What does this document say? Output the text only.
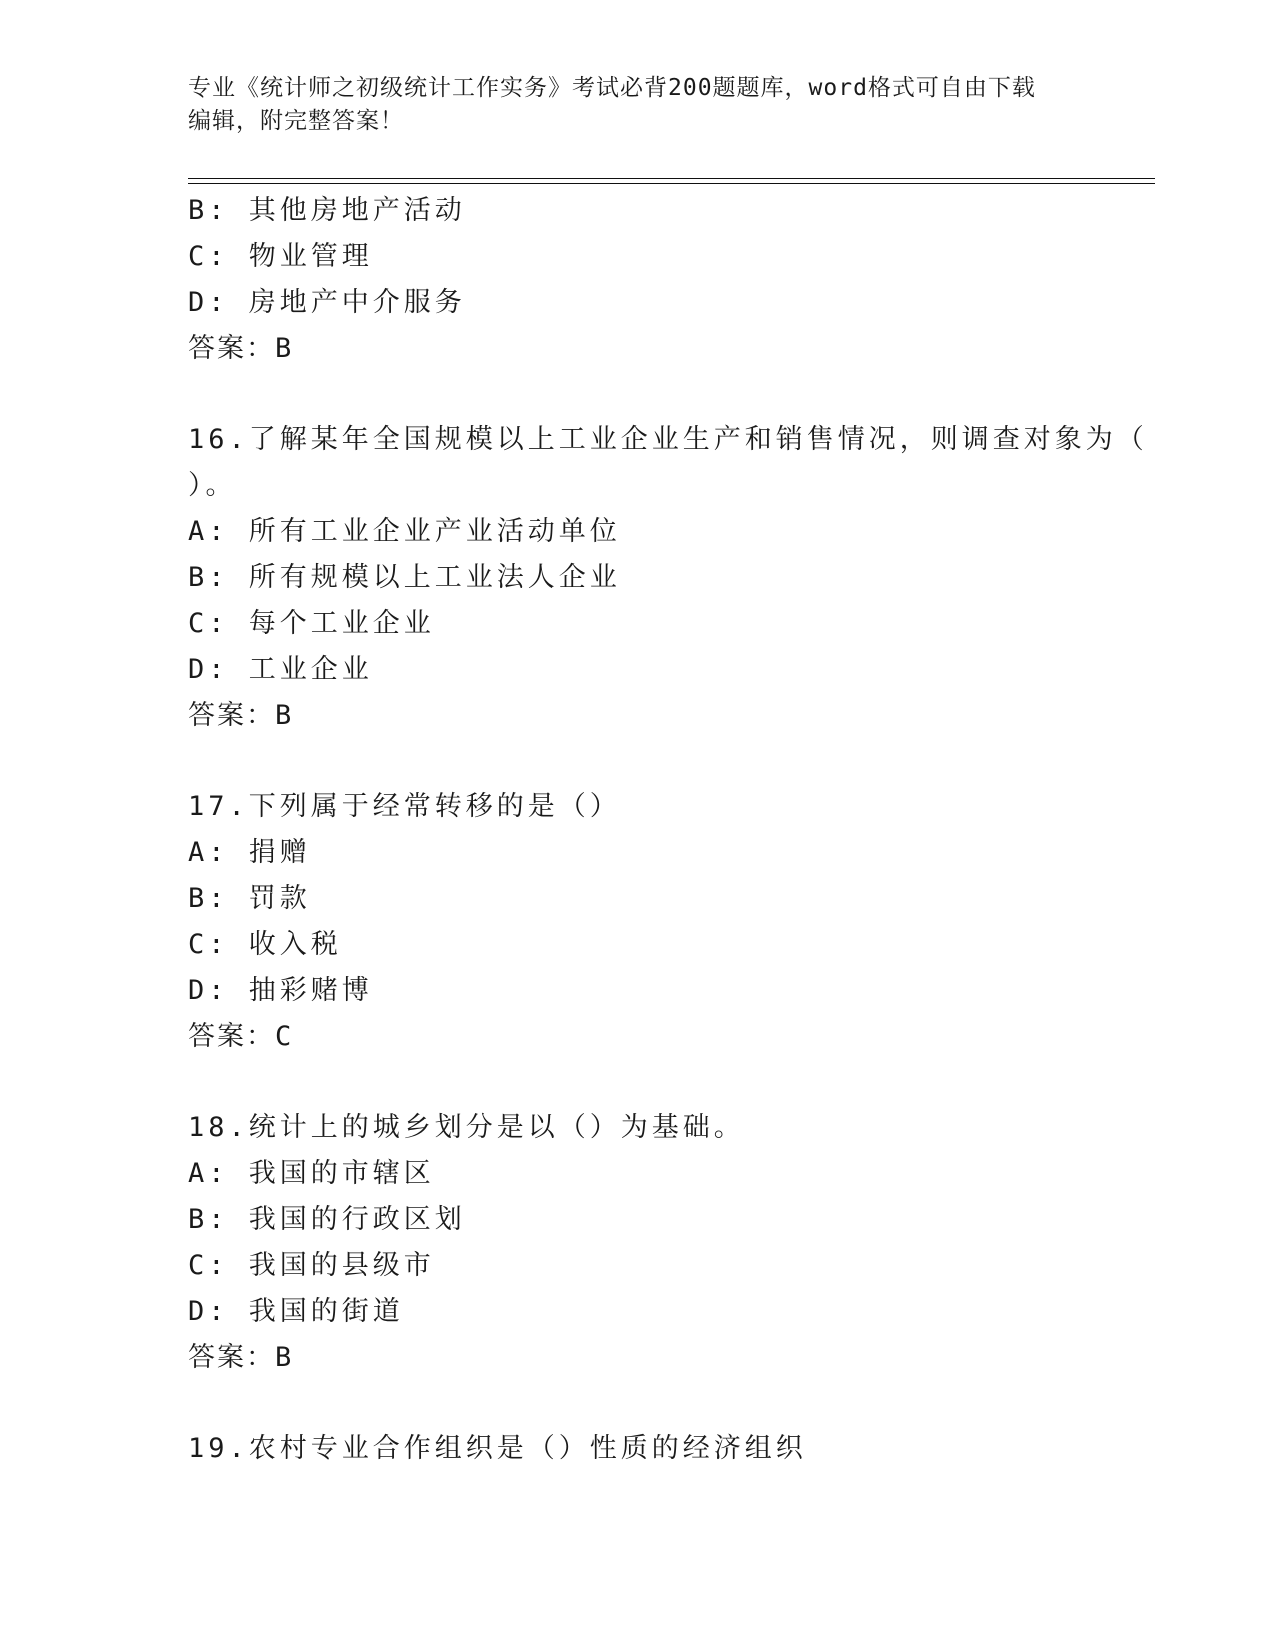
专业《统计师之初级统计工作实务》考试必背200题题库，word格式可自由下载
编辑，附完整答案！
B: 其他房地产活动
C: 物业管理
D: 房地产中介服务
答案：B
16.了解某年全国规模以上工业企业生产和销售情况，则调查对象为（
）。
A: 所有工业企业产业活动单位
B: 所有规模以上工业法人企业
C: 每个工业企业
D: 工业企业
答案：B
17.下列属于经常转移的是（）
A: 捐赠
B: 罚款
C: 收入税
D: 抽彩赌博
答案：C
18.统计上的城乡划分是以（）为基础。
A: 我国的市辖区
B: 我国的行政区划
C: 我国的县级市
D: 我国的街道
答案：B
19.农村专业合作组织是（）性质的经济组织
